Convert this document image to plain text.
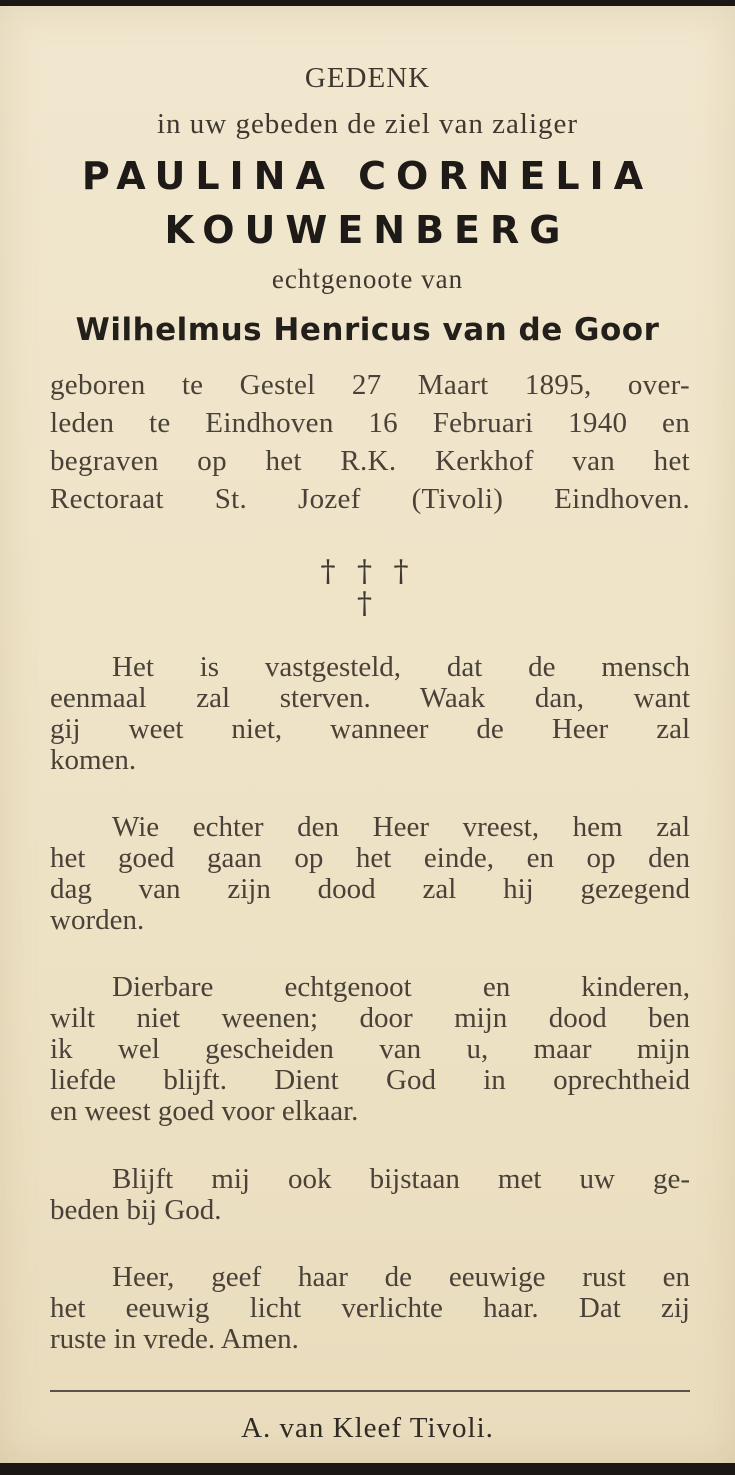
GEDENK
in uw gebeden de ziel van zaliger
PAULINA CORNELIA
KOUWENBERG
echtgenoote van
Wilhelmus Henricus van de Goor
geboren te Gestel 27 Maart 1895, over-
leden te Eindhoven 16 Februari 1940 en
begraven op het R.K. Kerkhof van het
Rectoraat St. Jozef (Tivoli) Eindhoven.
† † †
†
Het is vastgesteld, dat de mensch
eenmaal zal sterven. Waak dan, want
gij weet niet, wanneer de Heer zal
komen.
Wie echter den Heer vreest, hem zal
het goed gaan op het einde, en op den
dag van zijn dood zal hij gezegend
worden.
Dierbare echtgenoot en kinderen,
wilt niet weenen; door mijn dood ben
ik wel gescheiden van u, maar mijn
liefde blijft. Dient God in oprechtheid
en weest goed voor elkaar.
Blijft mij ook bijstaan met uw ge-
beden bij God.
Heer, geef haar de eeuwige rust en
het eeuwig licht verlichte haar. Dat zij
ruste in vrede. Amen.
A. van Kleef Tivoli.
